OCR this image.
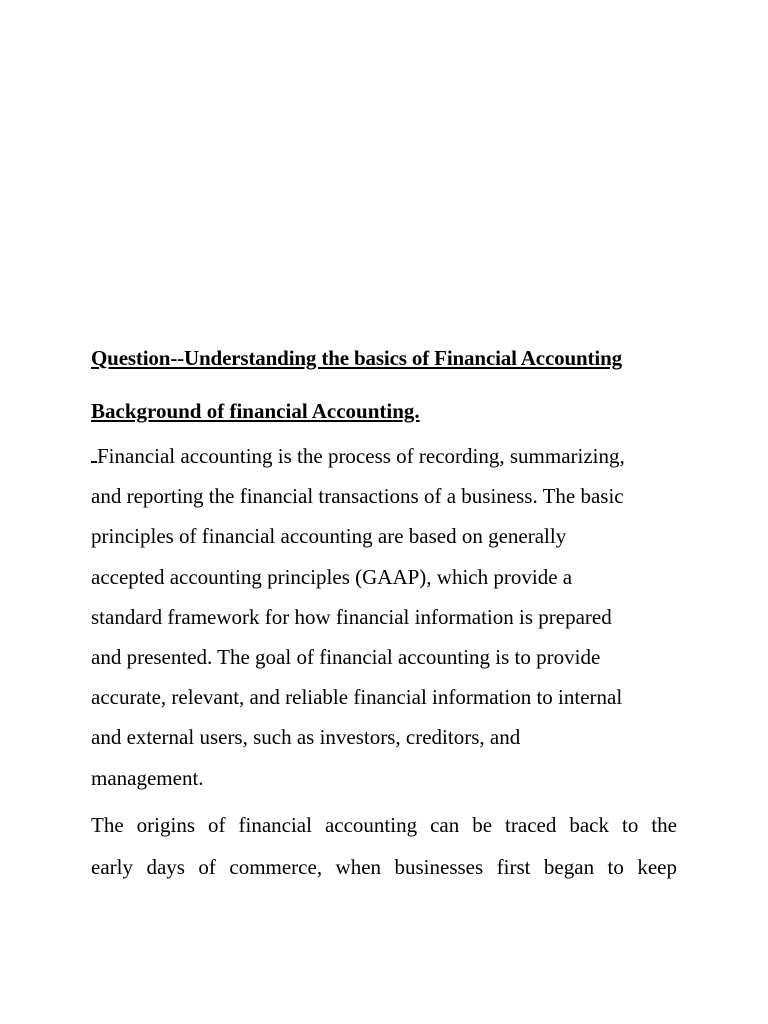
Question--Understanding the basics of Financial Accounting

Background of financial Accounting.

Financial accounting is the process of recording, summarizing,
and reporting the financial transactions of a business. The basic
principles of financial accounting are based on generally
accepted accounting principles (GAAP), which provide a
standard framework for how financial information is prepared
and presented. The goal of financial accounting is to provide
accurate, relevant, and reliable financial information to internal
and external users, such as investors, creditors, and
management.
The origins of financial accounting can be traced back to the
early days of commerce, when businesses first began to keep
